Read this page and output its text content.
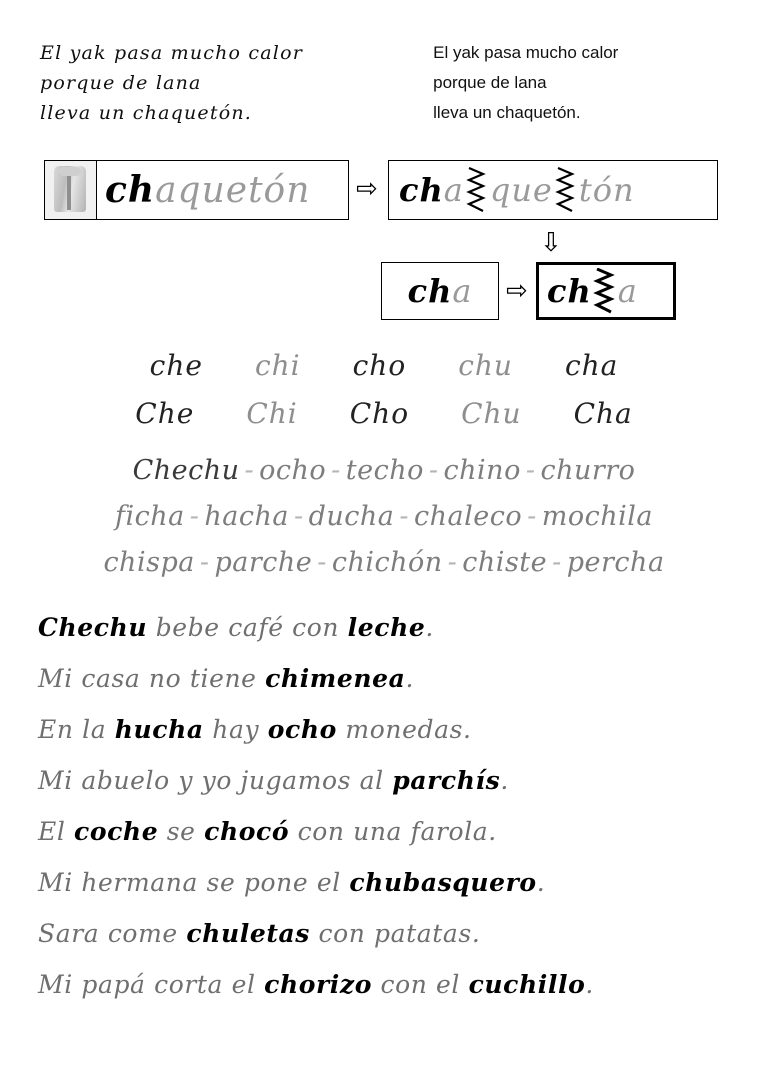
El yak pasa mucho calor
porque de lana
lleva un chaquetón.
El yak pasa mucho calor
porque de lana
lleva un chaquetón.
chaquetón ⇨ ch a que tón
⇩
cha ⇨ ch a
che chi cho chu cha
Che Chi Cho Chu Cha
Chechu - ocho - techo - chino - churro
ficha - hacha - ducha - chaleco - mochila
chispa - parche - chichón - chiste - percha
Chechu bebe café con leche.
Mi casa no tiene chimenea.
En la hucha hay ocho monedas.
Mi abuelo y yo jugamos al parchís.
El coche se chocó con una farola.
Mi hermana se pone el chubasquero.
Sara come chuletas con patatas.
Mi papá corta el chorizo con el cuchillo.
